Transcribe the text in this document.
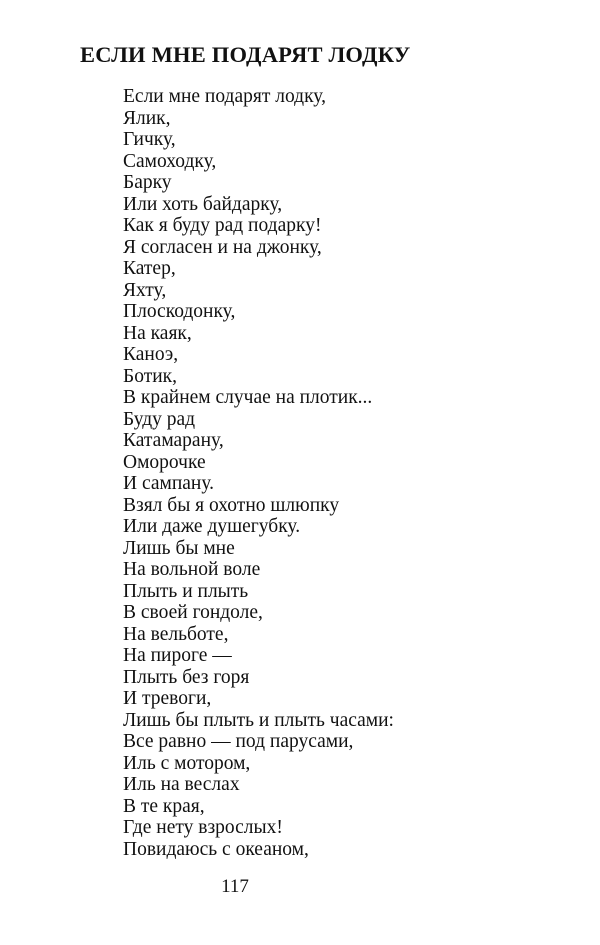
ЕСЛИ МНЕ ПОДАРЯТ ЛОДКУ
Если мне подарят лодку,
Ялик,
Гичку,
Самоходку,
Барку
Или хоть байдарку,
Как я буду рад подарку!
Я согласен и на джонку,
Катер,
Яхту,
Плоскодонку,
На каяк,
Каноэ,
Ботик,
В крайнем случае на плотик...
Буду рад
Катамарану,
Оморочке
И сампану.
Взял бы я охотно шлюпку
Или даже душегубку.
Лишь бы мне
На вольной воле
Плыть и плыть
В своей гондоле,
На вельботе,
На пироге —
Плыть без горя
И тревоги,
Лишь бы плыть и плыть часами:
Все равно — под парусами,
Иль с мотором,
Иль на веслах
В те края,
Где нету взрослых!
Повидаюсь с океаном,
117
